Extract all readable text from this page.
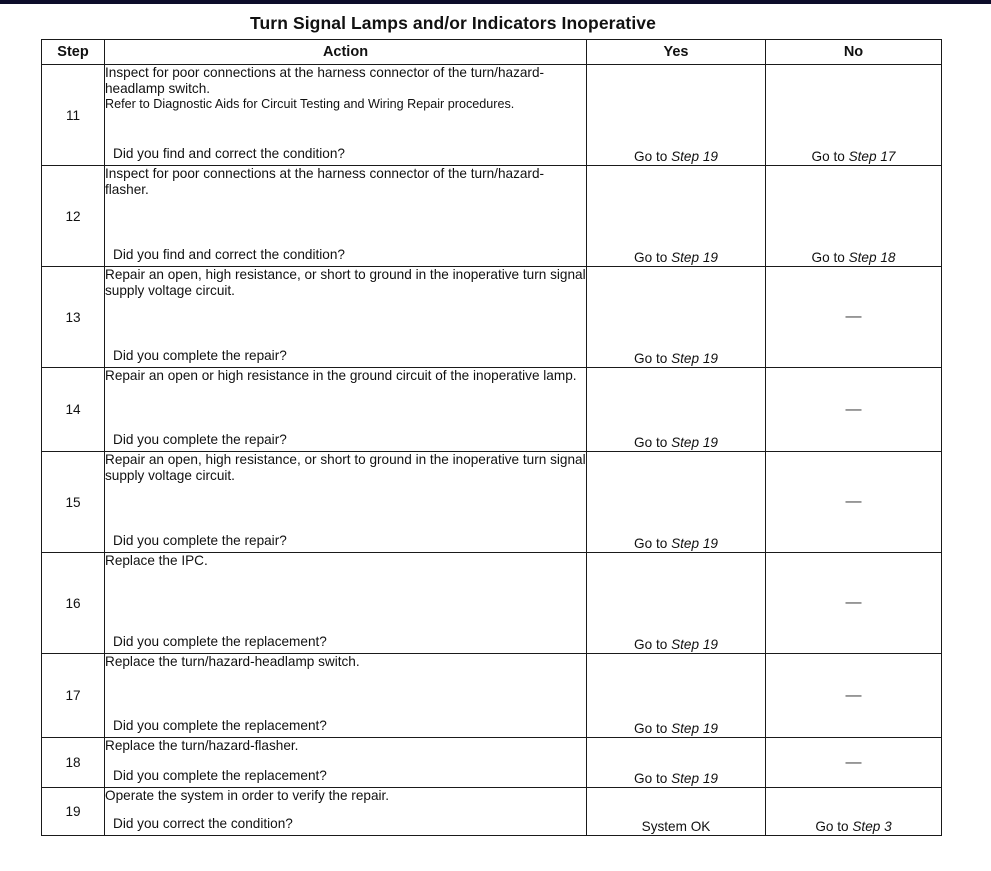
Turn Signal Lamps and/or Indicators Inoperative
Step	Action	Yes	No
11	Inspect for poor connections at the harness connector of the turn/hazard-headlamp switch.
Refer to Diagnostic Aids for Circuit Testing and Wiring Repair procedures.
Did you find and correct the condition?	Go to Step 19	Go to Step 17
12	Inspect for poor connections at the harness connector of the turn/hazard-flasher.
Did you find and correct the condition?	Go to Step 19	Go to Step 18
13	Repair an open, high resistance, or short to ground in the inoperative turn signal supply voltage circuit.
Did you complete the repair?	Go to Step 19	—
14	Repair an open or high resistance in the ground circuit of the inoperative lamp.
Did you complete the repair?	Go to Step 19	—
15	Repair an open, high resistance, or short to ground in the inoperative turn signal supply voltage circuit.
Did you complete the repair?	Go to Step 19	—
16	Replace the IPC.
Did you complete the replacement?	Go to Step 19	—
17	Replace the turn/hazard-headlamp switch.
Did you complete the replacement?	Go to Step 19	—
18	Replace the turn/hazard-flasher.
Did you complete the replacement?	Go to Step 19	—
19	Operate the system in order to verify the repair.
Did you correct the condition?	System OK	Go to Step 3
